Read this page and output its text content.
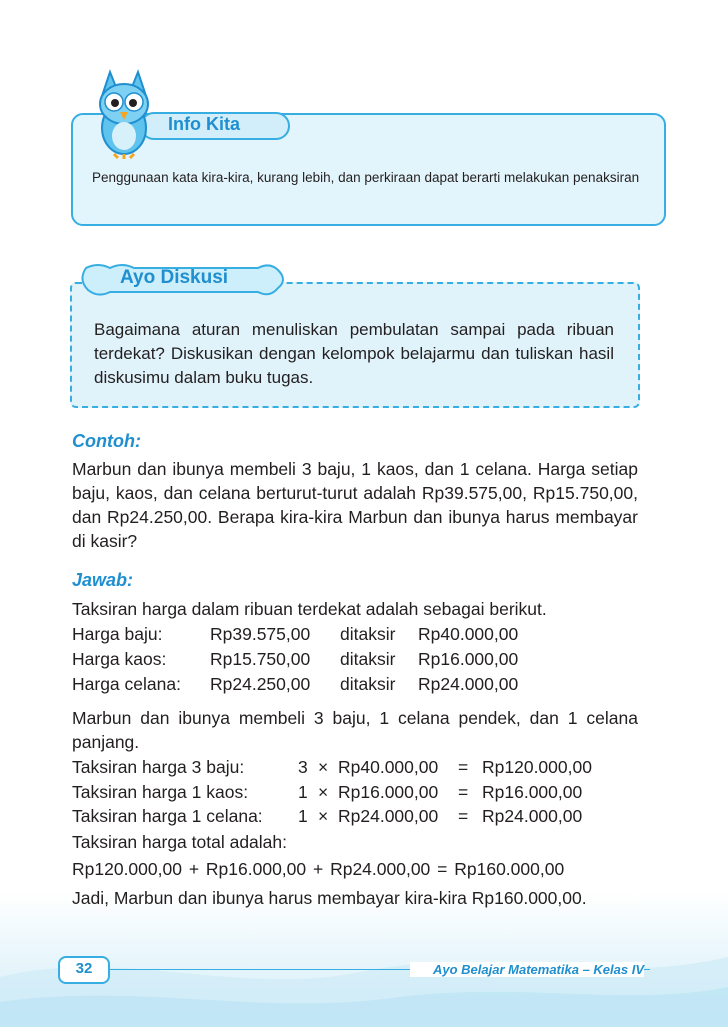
Info Kita
Penggunaan kata kira-kira, kurang lebih, dan perkiraan dapat berarti melakukan penaksiran
Ayo Diskusi
Bagaimana aturan menuliskan pembulatan sampai pada ribuan terdekat? Diskusikan dengan kelompok belajarmu dan tuliskan hasil diskusimu dalam buku tugas.
Contoh:
Marbun dan ibunya membeli 3 baju, 1 kaos, dan 1 celana. Harga setiap baju, kaos, dan celana berturut-turut adalah Rp39.575,00, Rp15.750,00, dan Rp24.250,00. Berapa kira-kira Marbun dan ibunya harus membayar di kasir?
Jawab:
Taksiran harga dalam ribuan terdekat adalah sebagai berikut.
Harga baju:	Rp39.575,00 ditaksir Rp40.000,00
Harga kaos: Rp15.750,00 ditaksir Rp16.000,00
Harga celana: Rp24.250,00 ditaksir Rp24.000,00
Marbun dan ibunya membeli 3 baju, 1 celana pendek, dan 1 celana panjang.
Taksiran harga 3 baju:	3 × Rp40.000,00 = Rp120.000,00
Taksiran harga 1 kaos:	1 × Rp16.000,00 = Rp16.000,00
Taksiran harga 1 celana: 1 × Rp24.000,00 = Rp24.000,00
Taksiran harga total adalah:
Rp120.000,00 + Rp16.000,00 + Rp24.000,00 = Rp160.000,00
Jadi, Marbun dan ibunya harus membayar kira-kira Rp160.000,00.
32	Ayo Belajar Matematika – Kelas IV
